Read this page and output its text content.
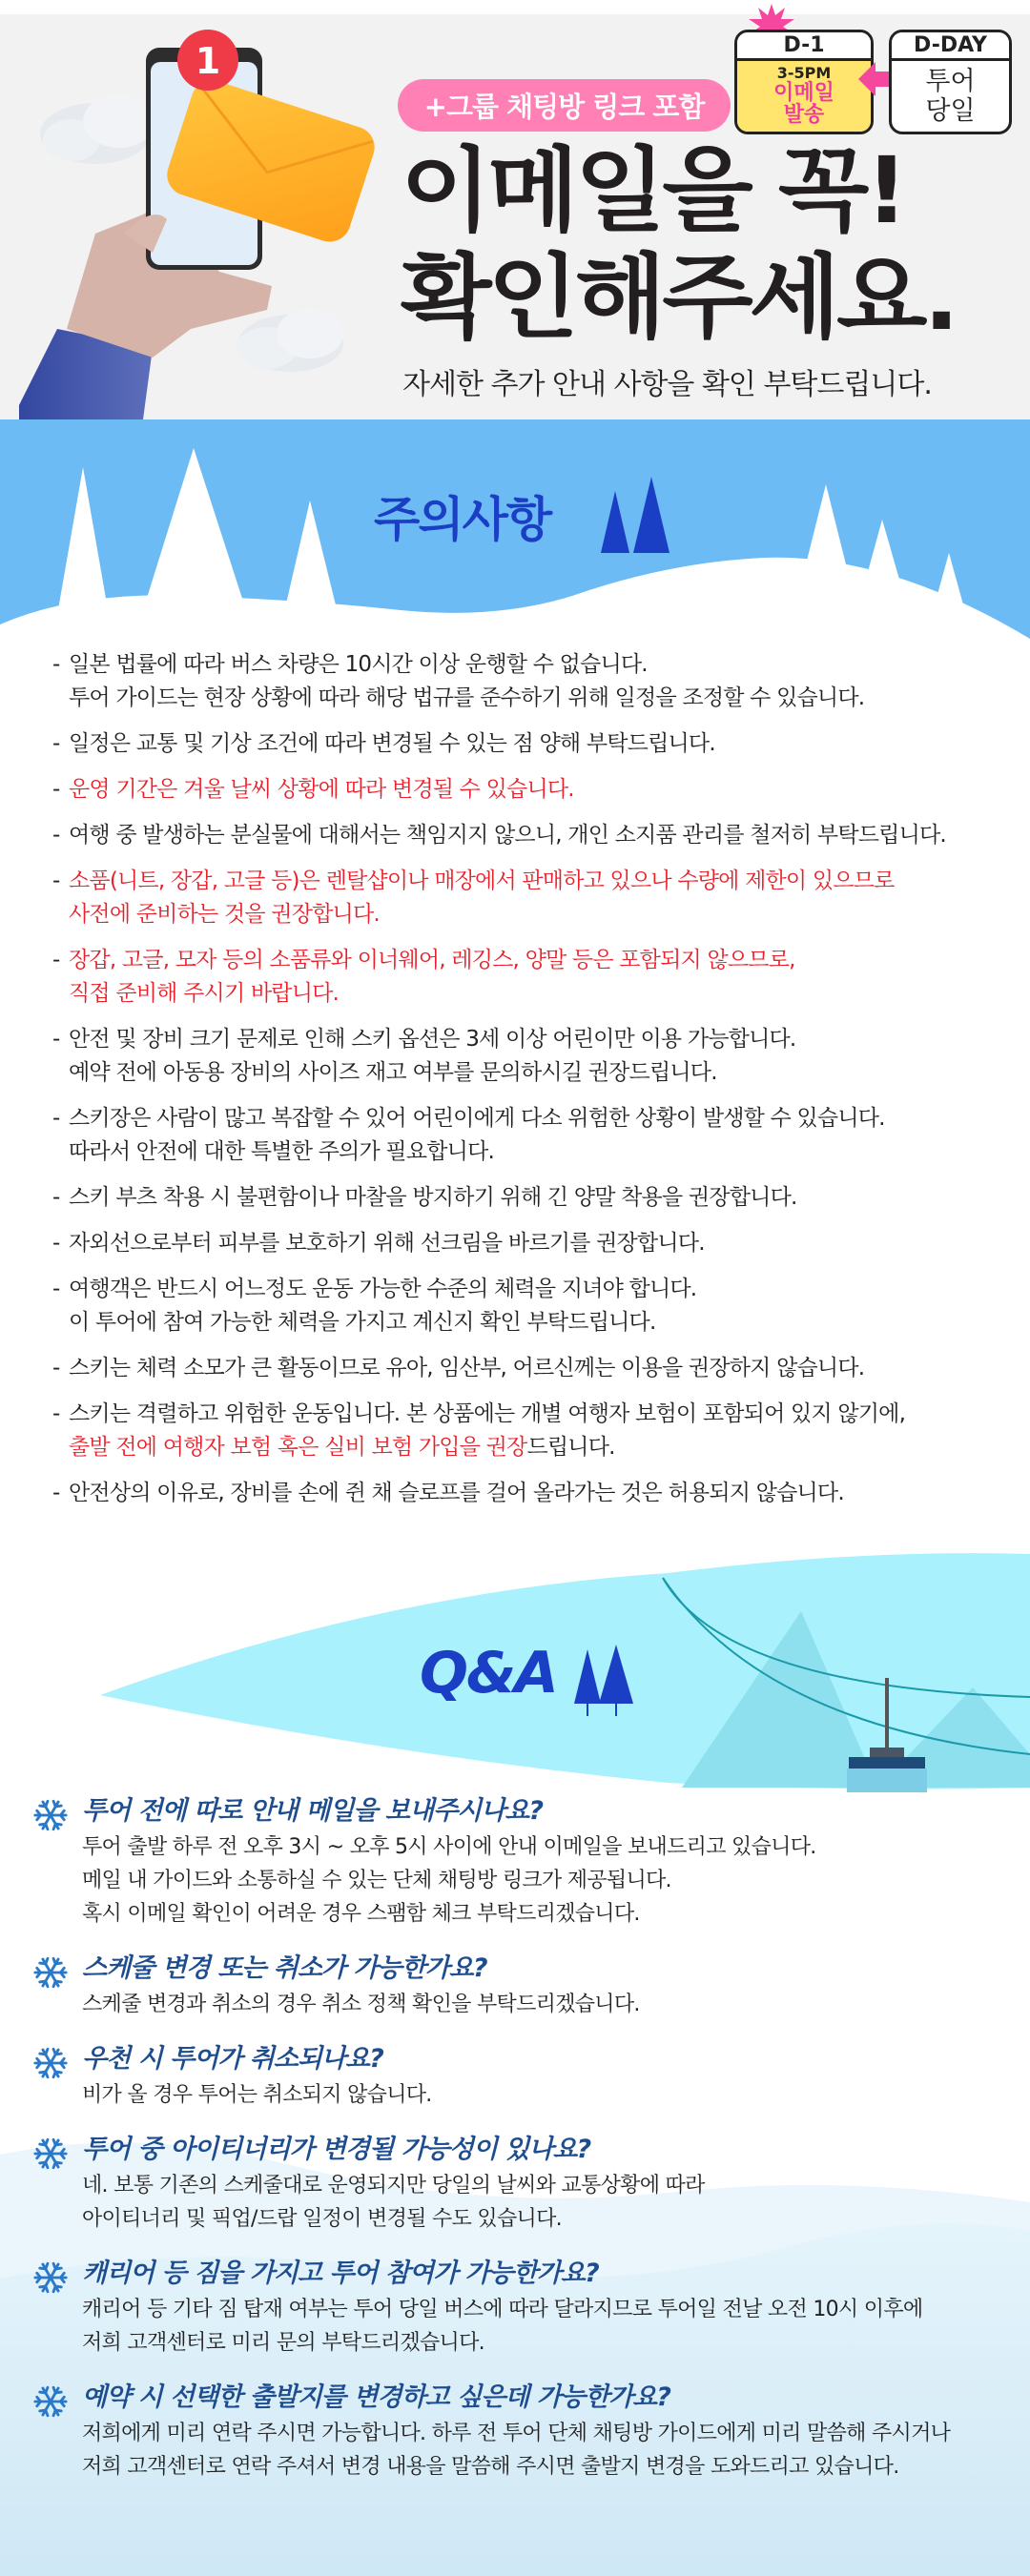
1
+그룹 채팅방 링크 포함
D-1
3-5PM
이메일
발송
D-DAY
투어
당일
이메일을 꼭!
확인해주세요.
자세한 추가 안내 사항을 확인 부탁드립니다.
주의사항
- 일본 법률에 따라 버스 차량은 10시간 이상 운행할 수 없습니다.
투어 가이드는 현장 상황에 따라 해당 법규를 준수하기 위해 일정을 조정할 수 있습니다.
- 일정은 교통 및 기상 조건에 따라 변경될 수 있는 점 양해 부탁드립니다.
- 운영 기간은 겨울 날씨 상황에 따라 변경될 수 있습니다.
- 여행 중 발생하는 분실물에 대해서는 책임지지 않으니, 개인 소지품 관리를 철저히 부탁드립니다.
- 소품(니트, 장갑, 고글 등)은 렌탈샵이나 매장에서 판매하고 있으나 수량에 제한이 있으므로
사전에 준비하는 것을 권장합니다.
- 장갑, 고글, 모자 등의 소품류와 이너웨어, 레깅스, 양말 등은 포함되지 않으므로,
직접 준비해 주시기 바랍니다.
- 안전 및 장비 크기 문제로 인해 스키 옵션은 3세 이상 어린이만 이용 가능합니다.
예약 전에 아동용 장비의 사이즈 재고 여부를 문의하시길 권장드립니다.
- 스키장은 사람이 많고 복잡할 수 있어 어린이에게 다소 위험한 상황이 발생할 수 있습니다.
따라서 안전에 대한 특별한 주의가 필요합니다.
- 스키 부츠 착용 시 불편함이나 마찰을 방지하기 위해 긴 양말 착용을 권장합니다.
- 자외선으로부터 피부를 보호하기 위해 선크림을 바르기를 권장합니다.
- 여행객은 반드시 어느정도 운동 가능한 수준의 체력을 지녀야 합니다.
이 투어에 참여 가능한 체력을 가지고 계신지 확인 부탁드립니다.
- 스키는 체력 소모가 큰 활동이므로 유아, 임산부, 어르신께는 이용을 권장하지 않습니다.
- 스키는 격렬하고 위험한 운동입니다. 본 상품에는 개별 여행자 보험이 포함되어 있지 않기에,
출발 전에 여행자 보험 혹은 실비 보험 가입을 권장드립니다.
- 안전상의 이유로, 장비를 손에 쥔 채 슬로프를 걸어 올라가는 것은 허용되지 않습니다.
Q&A
투어 전에 따로 안내 메일을 보내주시나요?
투어 출발 하루 전 오후 3시 ~ 오후 5시 사이에 안내 이메일을 보내드리고 있습니다.
메일 내 가이드와 소통하실 수 있는 단체 채팅방 링크가 제공됩니다.
혹시 이메일 확인이 어려운 경우 스팸함 체크 부탁드리겠습니다.
스케줄 변경 또는 취소가 가능한가요?
스케줄 변경과 취소의 경우 취소 정책 확인을 부탁드리겠습니다.
우천 시 투어가 취소되나요?
비가 올 경우 투어는 취소되지 않습니다.
투어 중 아이티너리가 변경될 가능성이 있나요?
네. 보통 기존의 스케줄대로 운영되지만 당일의 날씨와 교통상황에 따라
아이티너리 및 픽업/드랍 일정이 변경될 수도 있습니다.
캐리어 등 짐을 가지고 투어 참여가 가능한가요?
캐리어 등 기타 짐 탑재 여부는 투어 당일 버스에 따라 달라지므로 투어일 전날 오전 10시 이후에
저희 고객센터로 미리 문의 부탁드리겠습니다.
예약 시 선택한 출발지를 변경하고 싶은데 가능한가요?
저희에게 미리 연락 주시면 가능합니다. 하루 전 투어 단체 채팅방 가이드에게 미리 말씀해 주시거나
저희 고객센터로 연락 주셔서 변경 내용을 말씀해 주시면 출발지 변경을 도와드리고 있습니다.
